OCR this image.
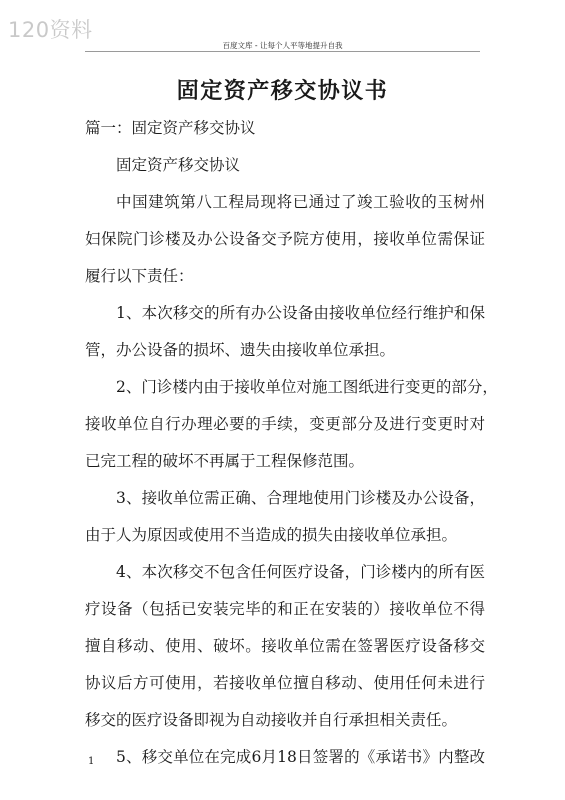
120资料
百度文库 - 让每个人平等地提升自我
固定资产移交协议书
篇一：固定资产移交协议
固定资产移交协议
中国建筑第八工程局现将已通过了竣工验收的玉树州
妇保院门诊楼及办公设备交予院方使用，接收单位需保证
履行以下责任：
1、本次移交的所有办公设备由接收单位经行维护和保
管，办公设备的损坏、遗失由接收单位承担。
2、门诊楼内由于接收单位对施工图纸进行变更的部分，
接收单位自行办理必要的手续，变更部分及进行变更时对
已完工程的破坏不再属于工程保修范围。
3、接收单位需正确、合理地使用门诊楼及办公设备，
由于人为原因或使用不当造成的损失由接收单位承担。
4、本次移交不包含任何医疗设备，门诊楼内的所有医
疗设备（包括已安装完毕的和正在安装的）接收单位不得
擅自移动、使用、破坏。接收单位需在签署医疗设备移交
协议后方可使用，若接收单位擅自移动、使用任何未进行
移交的医疗设备即视为自动接收并自行承担相关责任。
5、移交单位在完成6月18日签署的《承诺书》内整改
1
